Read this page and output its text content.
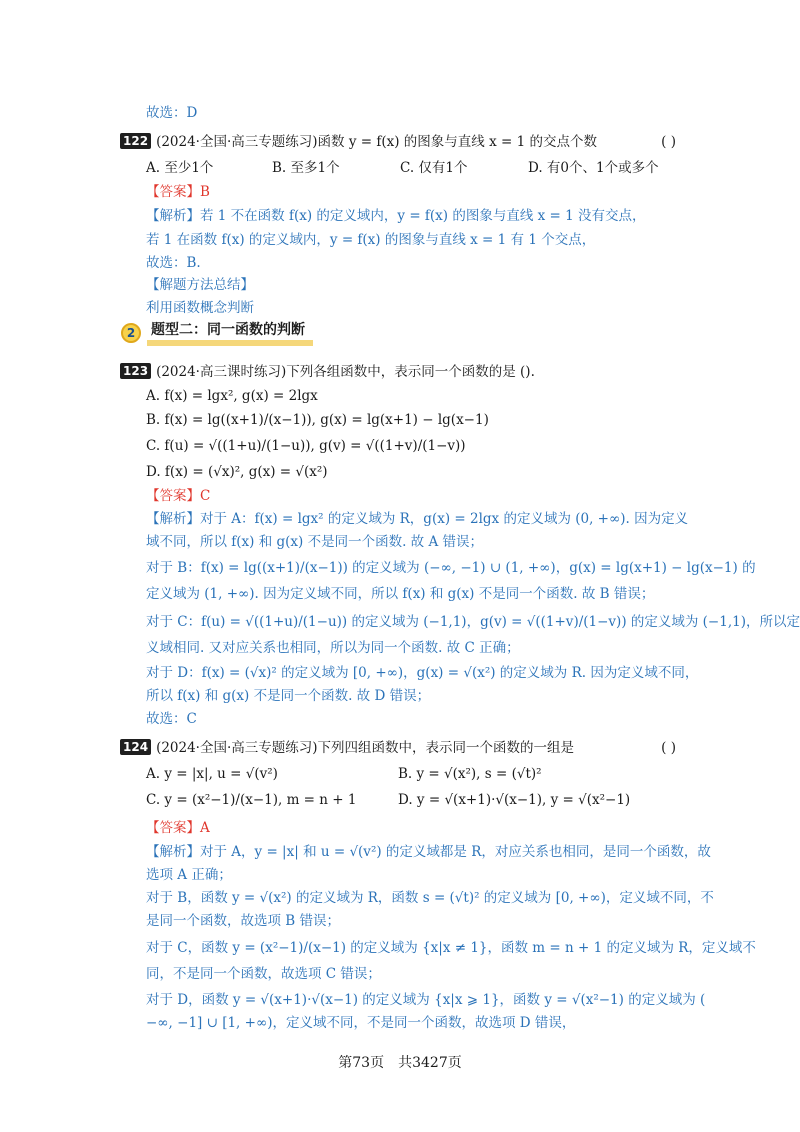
故选：D
122 (2024·全国·高三专题练习)函数 y = f(x) 的图象与直线 x = 1 的交点个数	( )
A. 至少1个	B. 至多1个	C. 仅有1个	D. 有0个、1个或多个
【答案】B
【解析】若 1 不在函数 f(x) 的定义域内，y = f(x) 的图象与直线 x = 1 没有交点，
若 1 在函数 f(x) 的定义域内，y = f(x) 的图象与直线 x = 1 有 1 个交点，
故选：B.
【解题方法总结】
利用函数概念判断
2	题型二：同一函数的判断
123 (2024·高三课时练习)下列各组函数中，表示同一个函数的是 ().
A. f(x) = lgx², g(x) = 2lgx
B. f(x) = lg((x+1)/(x−1)), g(x) = lg(x+1) − lg(x−1)
C. f(u) = √((1+u)/(1−u)), g(v) = √((1+v)/(1−v))
D. f(x) = (√x)², g(x) = √(x²)
【答案】C
【解析】对于 A：f(x) = lgx² 的定义域为 R，g(x) = 2lgx 的定义域为 (0, +∞). 因为定义
域不同，所以 f(x) 和 g(x) 不是同一个函数. 故 A 错误；
对于 B：f(x) = lg((x+1)/(x−1)) 的定义域为 (−∞, −1) ∪ (1, +∞)，g(x) = lg(x+1) − lg(x−1) 的
定义域为 (1, +∞). 因为定义域不同，所以 f(x) 和 g(x) 不是同一个函数. 故 B 错误；
对于 C：f(u) = √((1+u)/(1−u)) 的定义域为 (−1,1)，g(v) = √((1+v)/(1−v)) 的定义域为 (−1,1)，所以定
义域相同. 又对应关系也相同，所以为同一个函数. 故 C 正确；
对于 D：f(x) = (√x)² 的定义域为 [0, +∞)，g(x) = √(x²) 的定义域为 R. 因为定义域不同，
所以 f(x) 和 g(x) 不是同一个函数. 故 D 错误；
故选：C
124 (2024·全国·高三专题练习)下列四组函数中，表示同一个函数的一组是	( )
A. y = |x|, u = √(v²)	B. y = √(x²), s = (√t)²
C. y = (x²−1)/(x−1), m = n + 1	D. y = √(x+1)·√(x−1), y = √(x²−1)
【答案】A
【解析】对于 A，y = |x| 和 u = √(v²) 的定义域都是 R，对应关系也相同，是同一个函数，故
选项 A 正确；
对于 B，函数 y = √(x²) 的定义域为 R，函数 s = (√t)² 的定义域为 [0, +∞)，定义域不同，不
是同一个函数，故选项 B 错误；
对于 C，函数 y = (x²−1)/(x−1) 的定义域为 {x|x ≠ 1}，函数 m = n + 1 的定义域为 R，定义域不
同，不是同一个函数，故选项 C 错误；
对于 D，函数 y = √(x+1)·√(x−1) 的定义域为 {x|x ⩾ 1}，函数 y = √(x²−1) 的定义域为 (
−∞, −1] ∪ [1, +∞)，定义域不同，不是同一个函数，故选项 D 错误，
第73页 共3427页
